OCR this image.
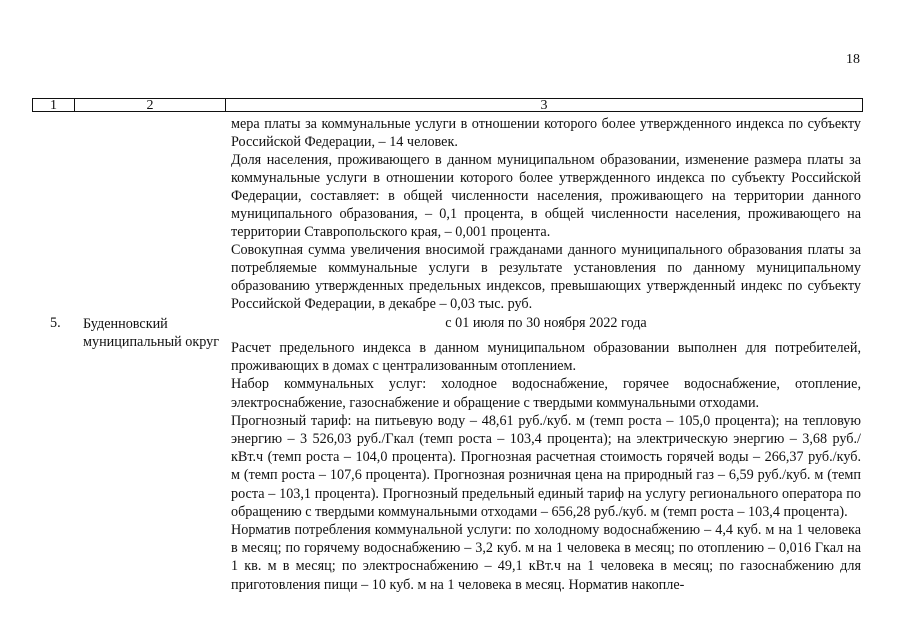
18
1	2	3

мера платы за коммунальные услуги в отношении которого более утвержденного индекса по субъекту Российской Федерации, – 14 человек.

Доля населения, проживающего в данном муниципальном образовании, изменение размера платы за коммунальные услуги в отношении которого более утвержденного индекса по субъекту Российской Федерации, составляет: в общей численности населения, проживающего на территории данного муниципального образования, – 0,1 процента, в общей численности населения, проживающего на территории Ставропольского края, – 0,001 процента.

Совокупная сумма увеличения вносимой гражданами данного муниципального образования платы за потребляемые коммунальные услуги в результате установления по данному муниципальному образованию утвержденных предельных индексов, превышающих утвержденный индекс по субъекту Российской Федерации, в декабре – 0,03 тыс. руб.

5. Буденновский муниципальный округ
с 01 июля по 30 ноября 2022 года

Расчет предельного индекса в данном муниципальном образовании выполнен для потребителей, проживающих в домах с централизованным отоплением.

Набор коммунальных услуг: холодное водоснабжение, горячее водоснабжение, отопление, электроснабжение, газоснабжение и обращение с твердыми коммунальными отходами.

Прогнозный тариф: на питьевую воду – 48,61 руб./куб. м (темп роста – 105,0 процента); на тепловую энергию – 3 526,03 руб./Гкал (темп роста – 103,4 процента); на электрическую энергию – 3,68 руб./кВт.ч (темп роста – 104,0 процента). Прогнозная расчетная стоимость горячей воды – 266,37 руб./куб. м (темп роста – 107,6 процента). Прогнозная розничная цена на природный газ – 6,59 руб./куб. м (темп роста – 103,1 процента). Прогнозный предельный единый тариф на услугу регионального оператора по обращению с твердыми коммунальными отходами – 656,28 руб./куб. м (темп роста – 103,4 процента).

Норматив потребления коммунальной услуги: по холодному водоснабжению – 4,4 куб. м на 1 человека в месяц; по горячему водоснабжению – 3,2 куб. м на 1 человека в месяц; по отоплению – 0,016 Гкал на 1 кв. м в месяц; по электроснабжению – 49,1 кВт.ч на 1 человека в месяц; по газоснабжению для приготовления пищи – 10 куб. м на 1 человека в месяц. Норматив накопле-
